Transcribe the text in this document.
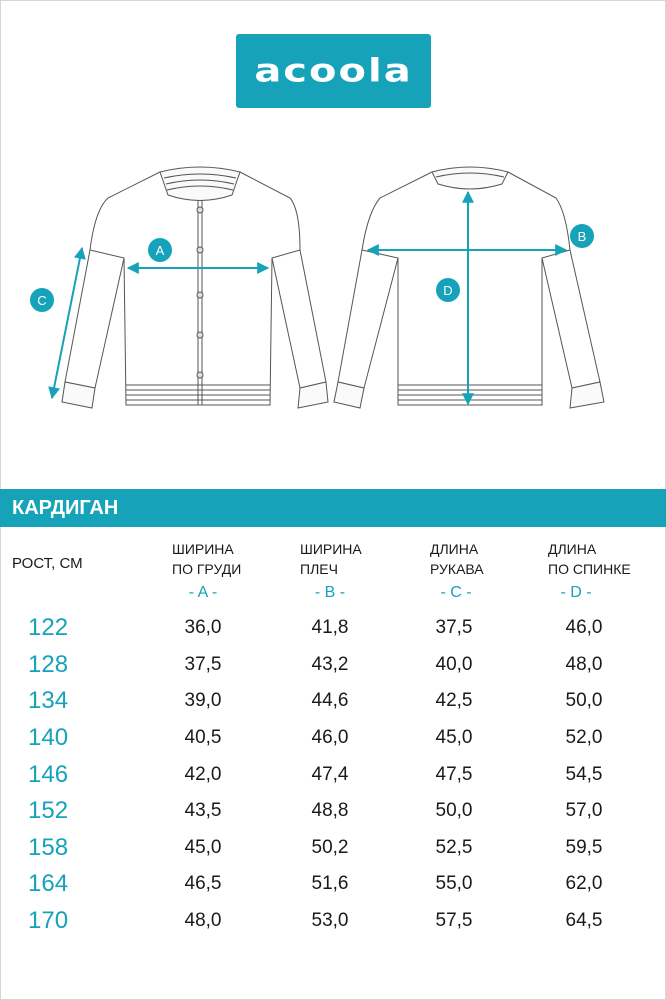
acoola
A
C
B
D
КАРДИГАН
РОСТ, СМ
ШИРИНА
ПО ГРУДИ
ШИРИНА
ПЛЕЧ
ДЛИНА
РУКАВА
ДЛИНА
ПО СПИНКЕ
- A -	- B -	- C -	- D -
122	36,0	41,8	37,5	46,0
128	37,5	43,2	40,0	48,0
134	39,0	44,6	42,5	50,0
140	40,5	46,0	45,0	52,0
146	42,0	47,4	47,5	54,5
152	43,5	48,8	50,0	57,0
158	45,0	50,2	52,5	59,5
164	46,5	51,6	55,0	62,0
170	48,0	53,0	57,5	64,5
